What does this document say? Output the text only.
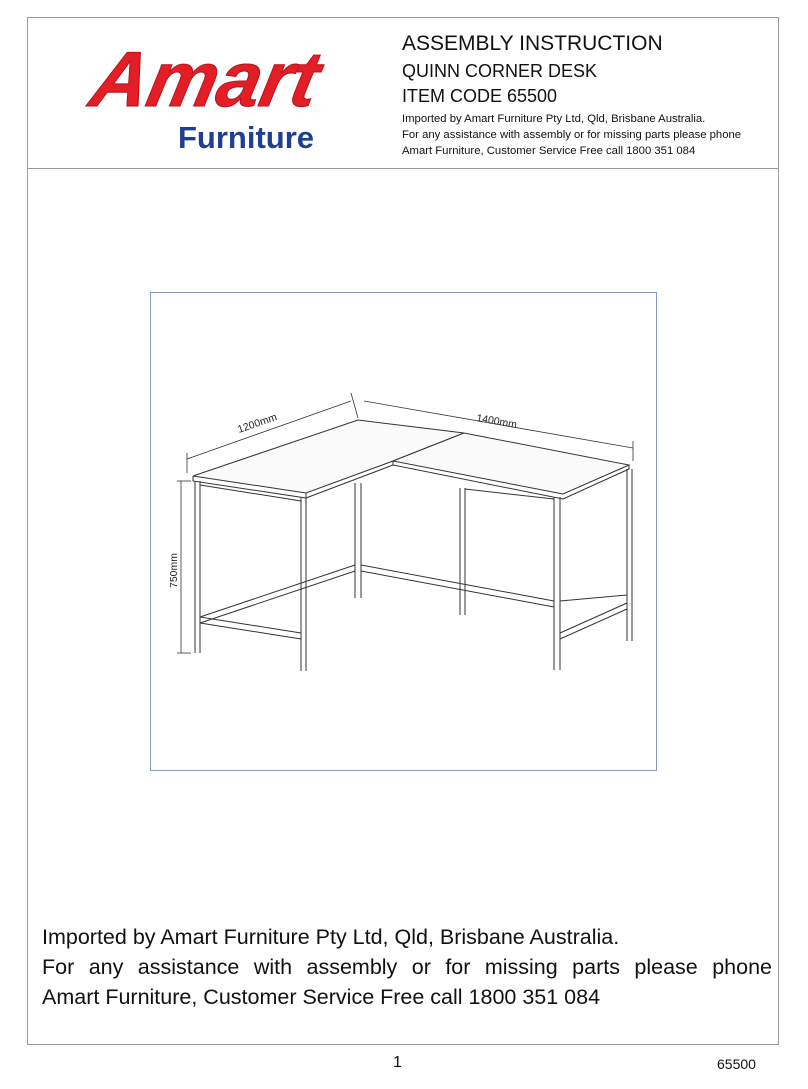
Amart
Furniture
ASSEMBLY INSTRUCTION
QUINN CORNER DESK
ITEM CODE 65500
Imported by Amart Furniture Pty Ltd, Qld, Brisbane Australia.
For any assistance with assembly or for missing parts please phone
Amart Furniture, Customer Service Free call 1800 351 084
1200mm	1400mm
750mm
Imported by Amart Furniture Pty Ltd, Qld, Brisbane Australia.
For any assistance with assembly or for missing parts please phone
Amart Furniture, Customer Service Free call 1800 351 084
1	65500
